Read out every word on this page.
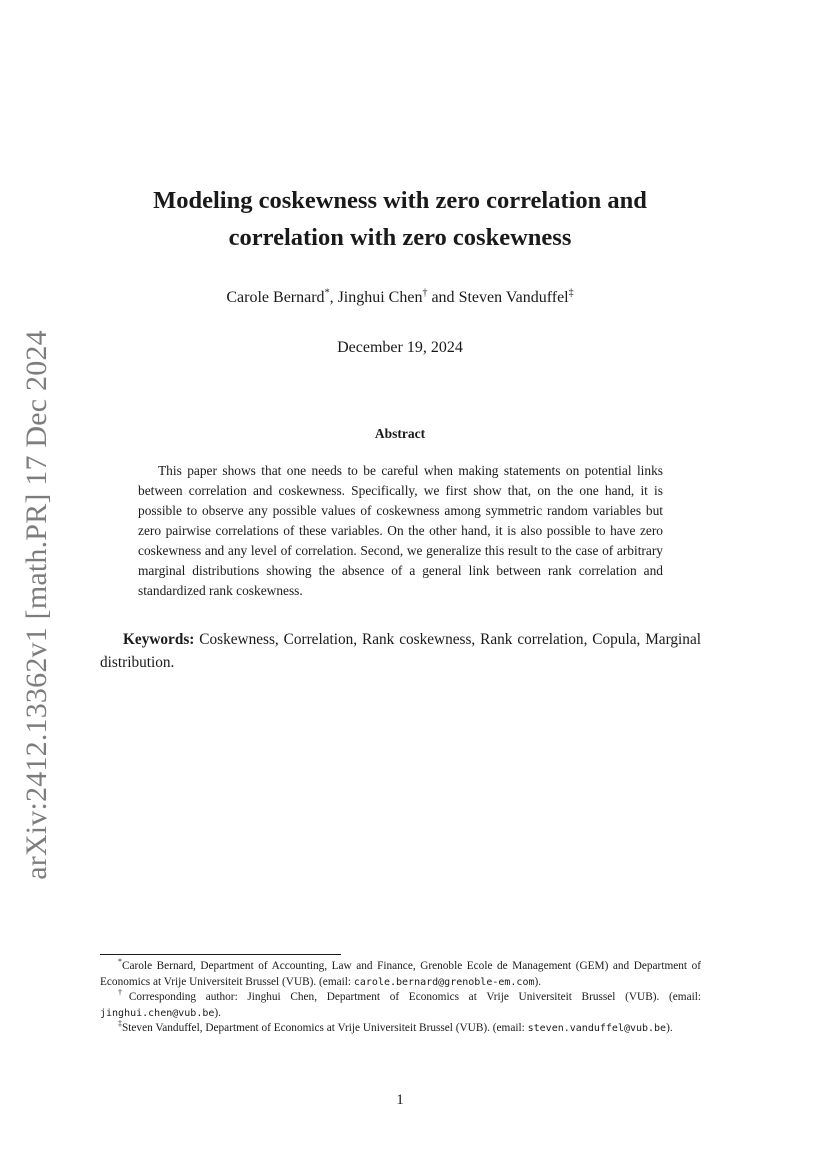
arXiv:2412.13362v1 [math.PR] 17 Dec 2024
Modeling coskewness with zero correlation and
correlation with zero coskewness
Carole Bernard*, Jinghui Chen† and Steven Vanduffel‡
December 19, 2024
Abstract

This paper shows that one needs to be careful when making statements on potential links between correlation and coskewness. Specifically, we first show that, on the one hand, it is possible to observe any possible values of coskewness among symmetric random variables but zero pairwise correlations of these variables. On the other hand, it is also possible to have zero coskewness and any level of correlation. Second, we generalize this result to the case of arbitrary marginal distributions showing the absence of a general link between rank correlation and standardized rank coskewness.

Keywords: Coskewness, Correlation, Rank coskewness, Rank correlation, Copula, Marginal distribution.

*Carole Bernard, Department of Accounting, Law and Finance, Grenoble Ecole de Management (GEM) and Department of Economics at Vrije Universiteit Brussel (VUB). (email: carole.bernard@grenoble-em.com).

†Corresponding author: Jinghui Chen, Department of Economics at Vrije Universiteit Brussel (VUB). (email: jinghui.chen@vub.be).

‡Steven Vanduffel, Department of Economics at Vrije Universiteit Brussel (VUB). (email: steven.vanduffel@vub.be).

1
